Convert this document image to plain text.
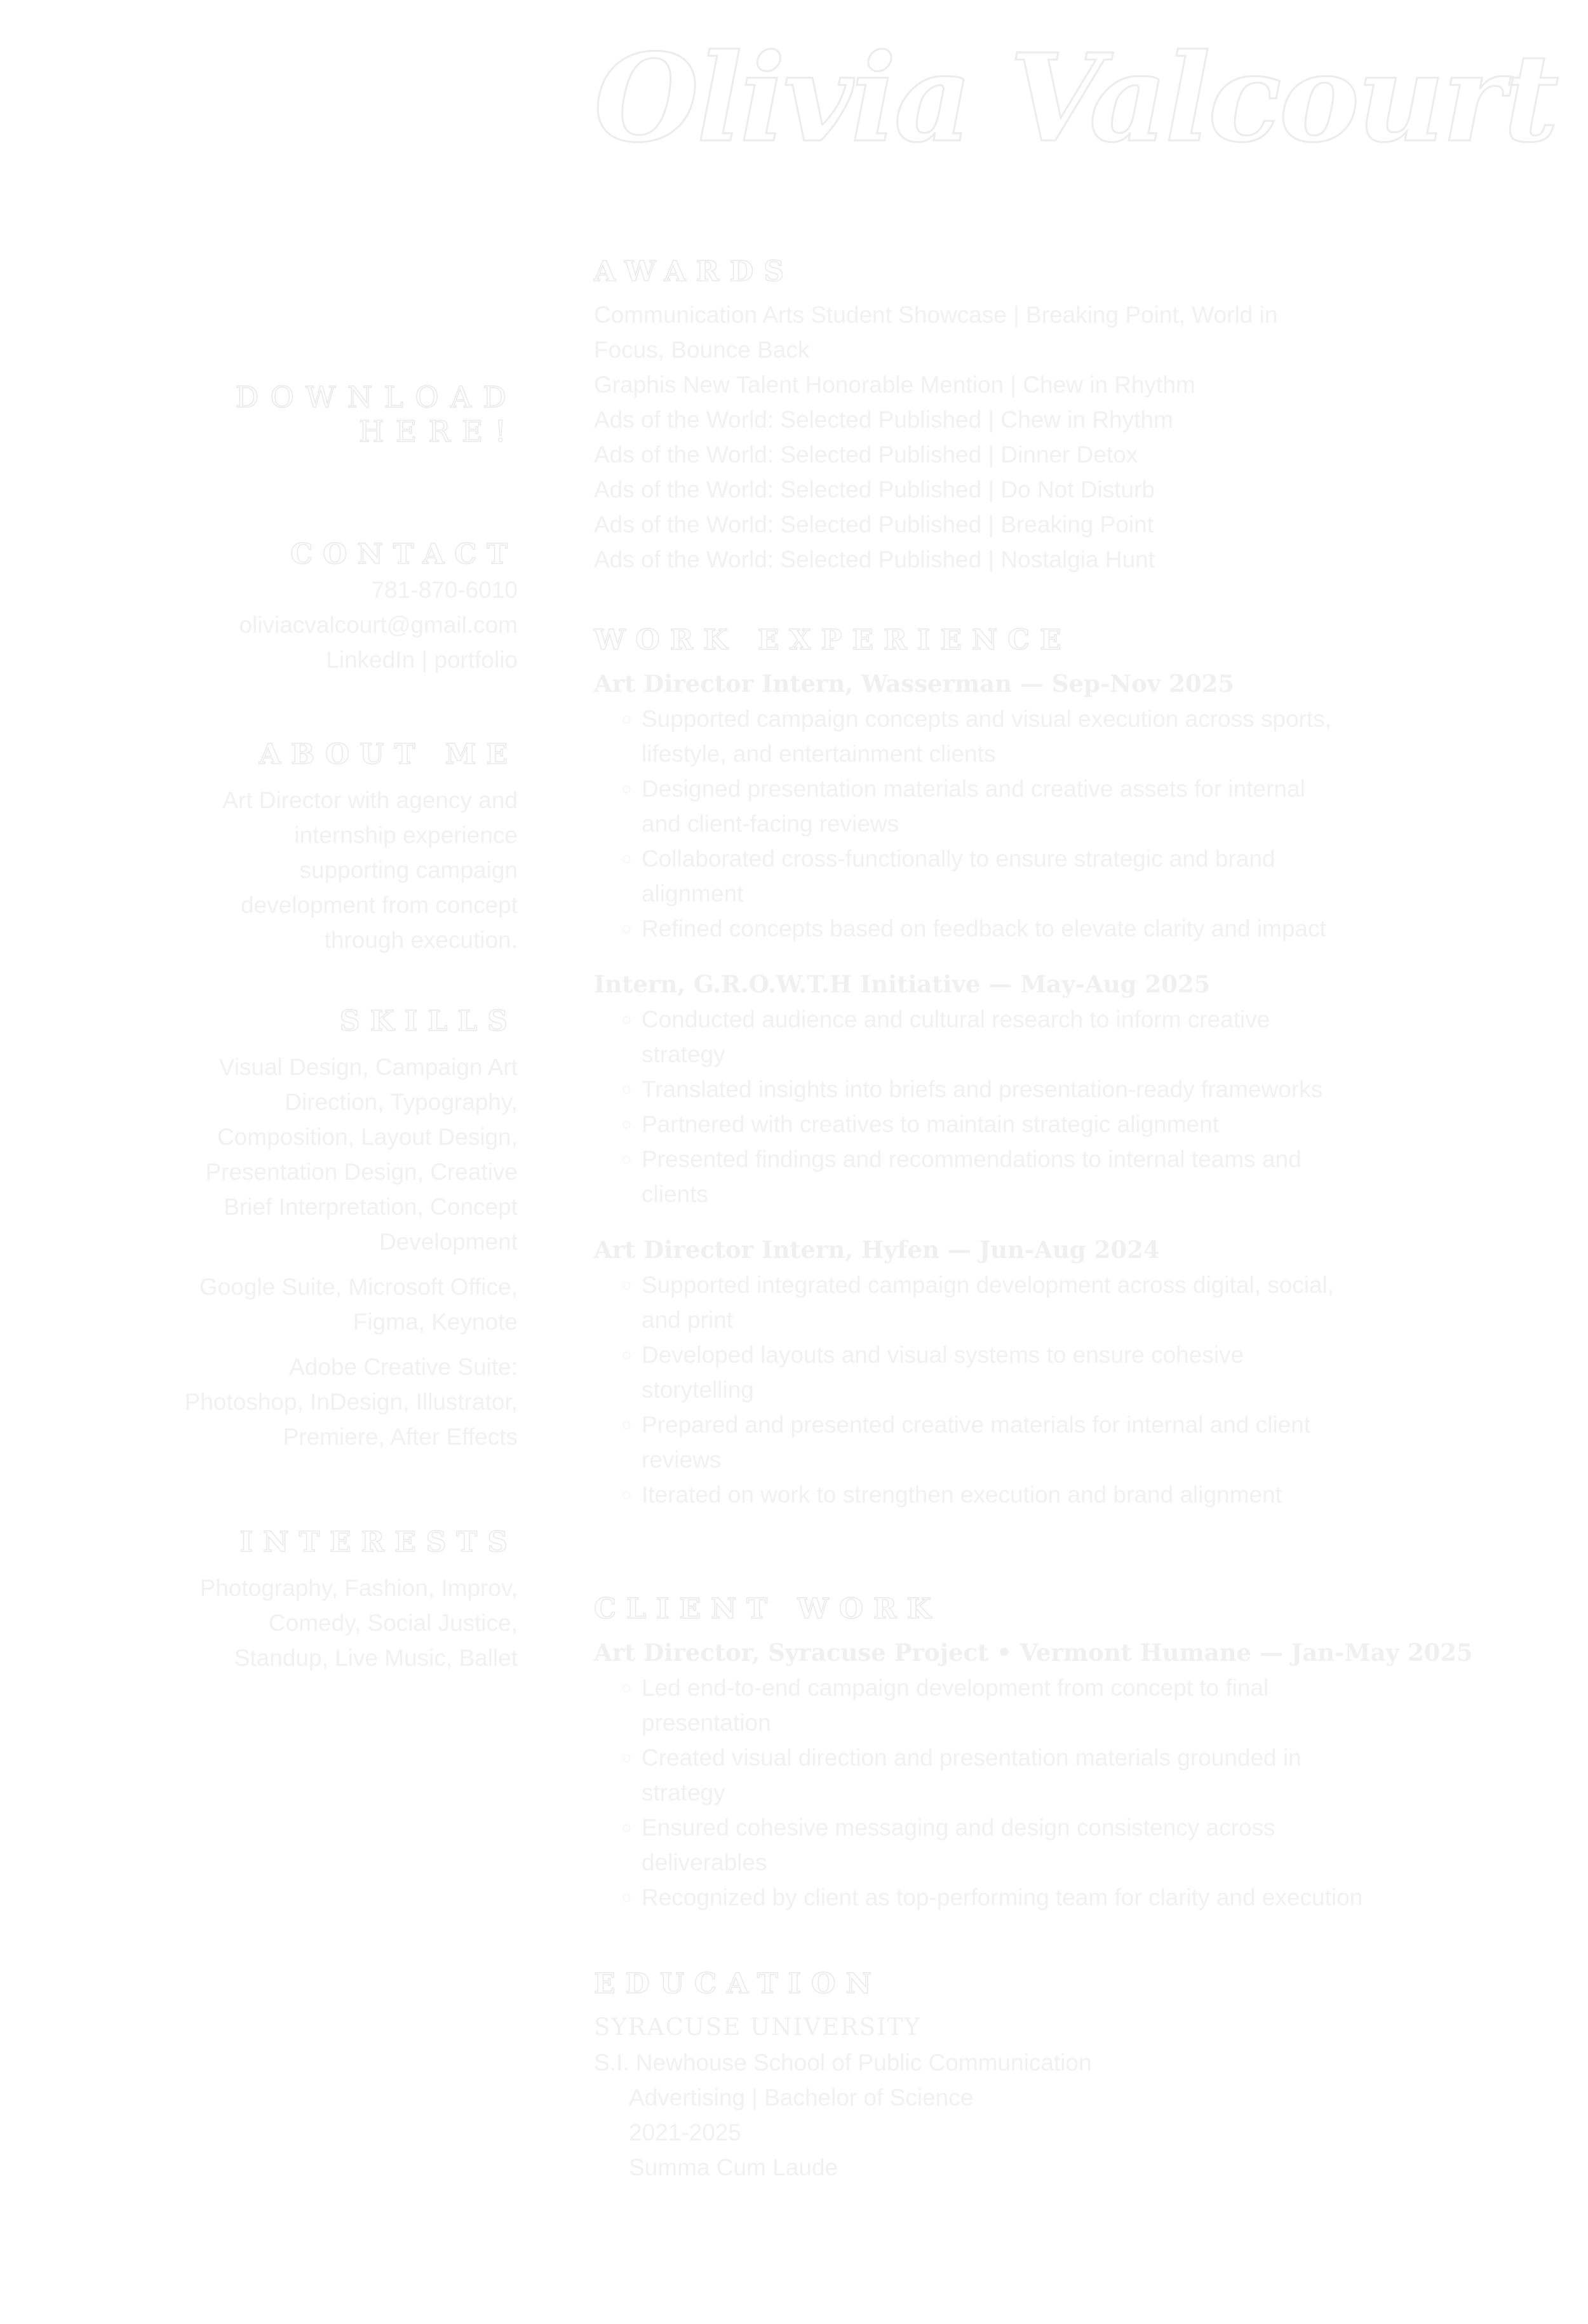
Olivia Valcourt
DOWNLOAD HERE!
CONTACT
781-870-6010
oliviacvalcourt@gmail.com
LinkedIn | portfolio
ABOUT ME
Art Director with agency and
internship experience
supporting campaign
development from concept
through execution.
SKILLS
Visual Design, Campaign Art
Direction, Typography,
Composition, Layout Design,
Presentation Design, Creative
Brief Interpretation, Concept
Development
Google Suite, Microsoft Office,
Figma, Keynote
Adobe Creative Suite:
Photoshop, InDesign, Illustrator,
Premiere, After Effects
INTERESTS
Photography, Fashion, Improv,
Comedy, Social Justice,
Standup, Live Music, Ballet
AWARDS
Communication Arts Student Showcase | Breaking Point, World in
Focus, Bounce Back
Graphis New Talent Honorable Mention | Chew in Rhythm
Ads of the World: Selected Published | Chew in Rhythm
Ads of the World: Selected Published | Dinner Detox
Ads of the World: Selected Published | Do Not Disturb
Ads of the World: Selected Published | Breaking Point
Ads of the World: Selected Published | Nostalgia Hunt
WORK EXPERIENCE
Art Director Intern, Wasserman — Sep-Nov 2025
◦ Supported campaign concepts and visual execution across sports,
lifestyle, and entertainment clients
◦ Designed presentation materials and creative assets for internal
and client-facing reviews
◦ Collaborated cross-functionally to ensure strategic and brand
alignment
◦ Refined concepts based on feedback to elevate clarity and impact
Intern, G.R.O.W.T.H Initiative — May-Aug 2025
◦ Conducted audience and cultural research to inform creative
strategy
◦ Translated insights into briefs and presentation-ready frameworks
◦ Partnered with creatives to maintain strategic alignment
◦ Presented findings and recommendations to internal teams and
clients
Art Director Intern, Hyfen — Jun-Aug 2024
◦ Supported integrated campaign development across digital, social,
and print
◦ Developed layouts and visual systems to ensure cohesive
storytelling
◦ Prepared and presented creative materials for internal and client
reviews
◦ Iterated on work to strengthen execution and brand alignment
CLIENT WORK
Art Director, Syracuse Project • Vermont Humane — Jan-May 2025
◦ Led end-to-end campaign development from concept to final
presentation
◦ Created visual direction and presentation materials grounded in
strategy
◦ Ensured cohesive messaging and design consistency across
deliverables
◦ Recognized by client as top-performing team for clarity and execution
EDUCATION
SYRACUSE UNIVERSITY
S.I. Newhouse School of Public Communication
Advertising | Bachelor of Science
2021-2025
Summa Cum Laude
